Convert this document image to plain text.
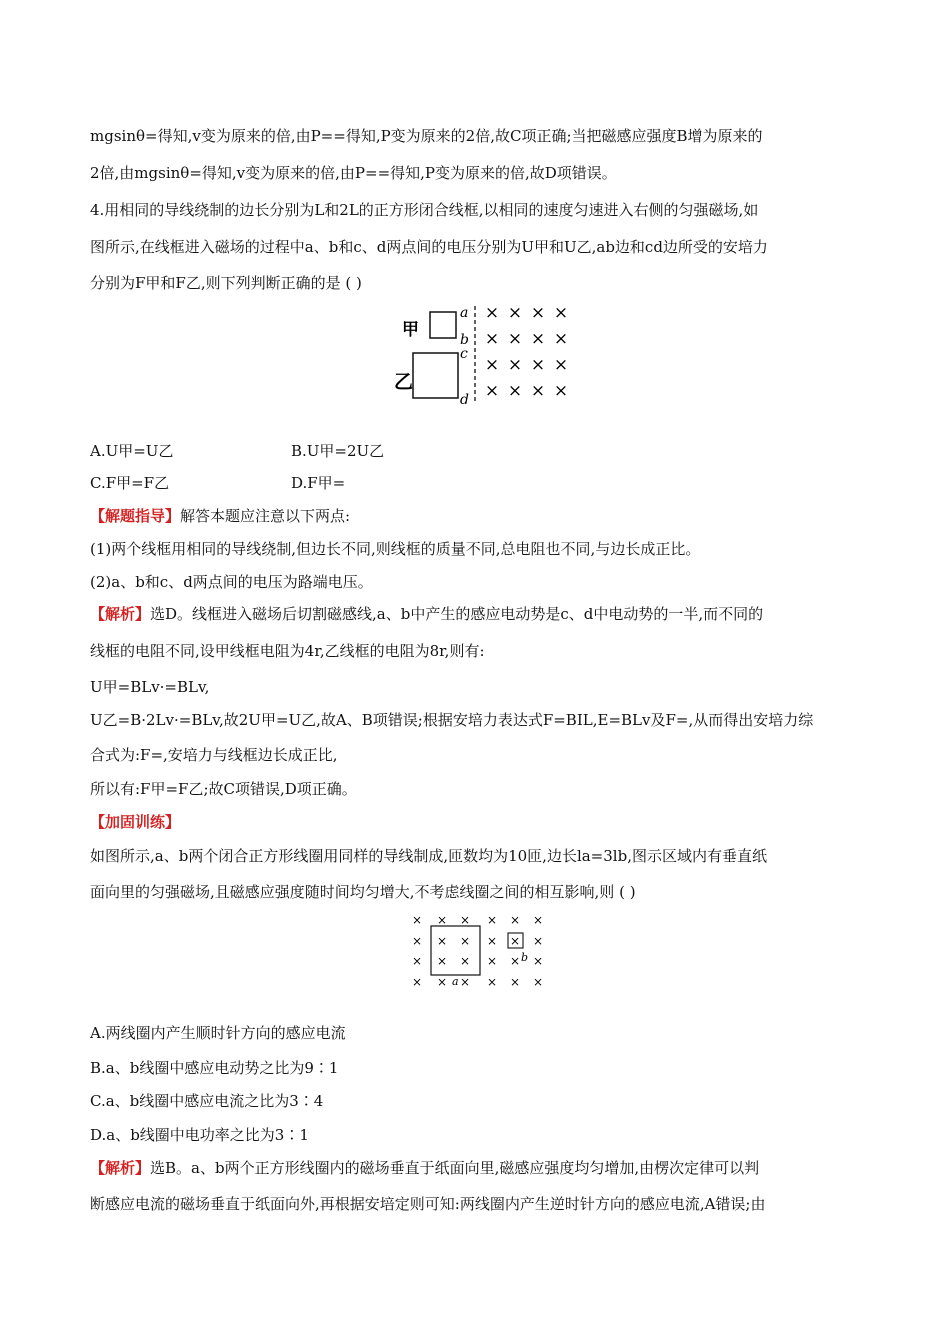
mgsinθ=得知,v变为原来的倍,由P==得知,P变为原来的2倍,故C项正确;当把磁感应强度B增为原来的
2倍,由mgsinθ=得知,v变为原来的倍,由P==得知,P变为原来的倍,故D项错误。
4.用相同的导线绕制的边长分别为L和2L的正方形闭合线框,以相同的速度匀速进入右侧的匀强磁场,如
图所示,在线框进入磁场的过程中a、b和c、d两点间的电压分别为U甲和U乙,ab边和cd边所受的安培力
分别为F甲和F乙,则下列判断正确的是 ( )
甲
乙
a
b
c
d
× × × ×
× × × ×
× × × ×
× × × ×
A.U甲=U乙	B.U甲=2U乙
C.F甲=F乙	D.F甲=
【解题指导】解答本题应注意以下两点:
(1)两个线框用相同的导线绕制,但边长不同,则线框的质量不同,总电阻也不同,与边长成正比。
(2)a、b和c、d两点间的电压为路端电压。
【解析】选D。线框进入磁场后切割磁感线,a、b中产生的感应电动势是c、d中电动势的一半,而不同的
线框的电阻不同,设甲线框电阻为4r,乙线框的电阻为8r,则有:
U甲=BLv·=BLv,
U乙=B·2Lv·=BLv,故2U甲=U乙,故A、B项错误;根据安培力表达式F=BIL,E=BLv及F=,从而得出安培力综
合式为:F=,安培力与线框边长成正比,
所以有:F甲=F乙;故C项错误,D项正确。
【加固训练】
如图所示,a、b两个闭合正方形线圈用同样的导线制成,匝数均为10匝,边长la=3lb,图示区域内有垂直纸
面向里的匀强磁场,且磁感应强度随时间均匀增大,不考虑线圈之间的相互影响,则 ( )
× × × × × ×
× × × × × ×
× × × × × ×
× × × × × ×
a
b
A.两线圈内产生顺时针方向的感应电流
B.a、b线圈中感应电动势之比为9∶1
C.a、b线圈中感应电流之比为3∶4
D.a、b线圈中电功率之比为3∶1
【解析】选B。a、b两个正方形线圈内的磁场垂直于纸面向里,磁感应强度均匀增加,由楞次定律可以判
断感应电流的磁场垂直于纸面向外,再根据安培定则可知:两线圈内产生逆时针方向的感应电流,A错误;由
